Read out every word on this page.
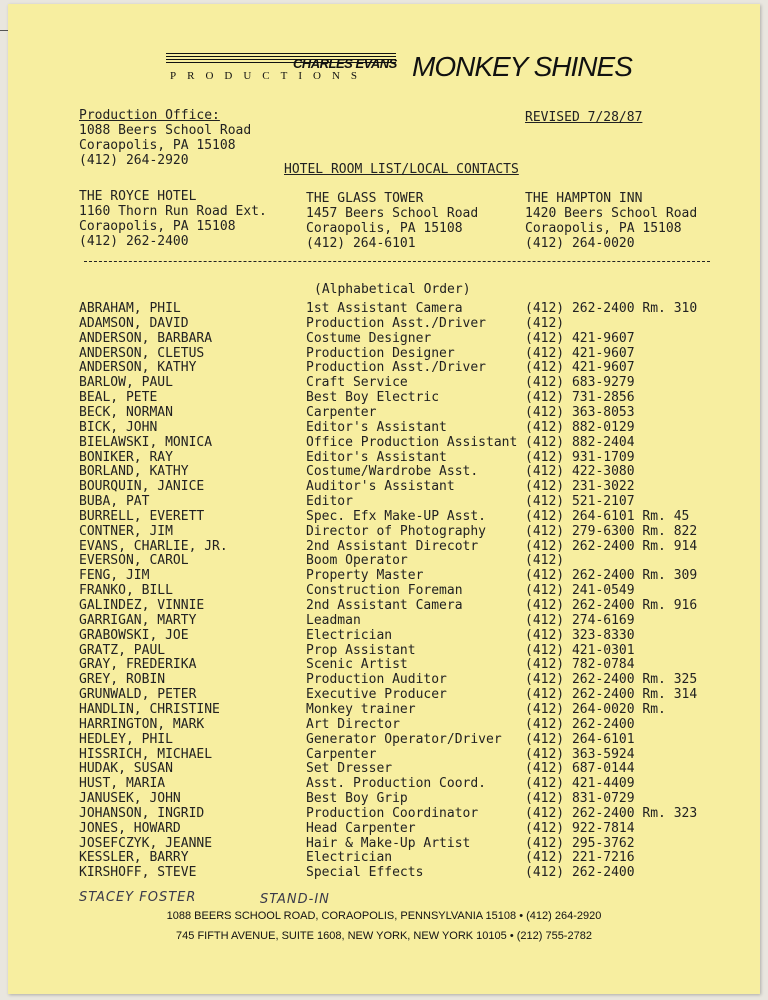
CHARLES EVANS
PRODUCTIONS MONKEY SHINES
Production Office:
1088 Beers School Road
Coraopolis, PA 15108
(412) 264-2920
REVISED 7/28/87
HOTEL ROOM LIST/LOCAL CONTACTS
THE ROYCE HOTEL
1160 Thorn Run Road Ext.
Coraopolis, PA 15108
(412) 262-2400
THE GLASS TOWER
1457 Beers School Road
Coraopolis, PA 15108
(412) 264-6101
THE HAMPTON INN
1420 Beers School Road
Coraopolis, PA 15108
(412) 264-0020
(Alphabetical Order)
ABRAHAM, PHIL	1st Assistant Camera	(412) 262-2400 Rm. 310
ADAMSON, DAVID	Production Asst./Driver	(412)
ANDERSON, BARBARA	Costume Designer	(412) 421-9607
ANDERSON, CLETUS	Production Designer	(412) 421-9607
ANDERSON, KATHY	Production Asst./Driver	(412) 421-9607
BARLOW, PAUL	Craft Service	(412) 683-9279
BEAL, PETE	Best Boy Electric	(412) 731-2856
BECK, NORMAN	Carpenter	(412) 363-8053
BICK, JOHN	Editor's Assistant	(412) 882-0129
BIELAWSKI, MONICA	Office Production Assistant (412) 882-2404
BONIKER, RAY	Editor's Assistant	(412) 931-1709
BORLAND, KATHY	Costume/Wardrobe Asst.	(412) 422-3080
BOURQUIN, JANICE	Auditor's Assistant	(412) 231-3022
BUBA, PAT	Editor	(412) 521-2107
BURRELL, EVERETT	Spec. Efx Make-UP Asst.	(412) 264-6101 Rm. 45
CONTNER, JIM	Director of Photography	(412) 279-6300 Rm. 822
EVANS, CHARLIE, JR.	2nd Assistant Direcotr	(412) 262-2400 Rm. 914
EVERSON, CAROL	Boom Operator	(412)
FENG, JIM	Property Master	(412) 262-2400 Rm. 309
FRANKO, BILL	Construction Foreman	(412) 241-0549
GALINDEZ, VINNIE	2nd Assistant Camera	(412) 262-2400 Rm. 916
GARRIGAN, MARTY	Leadman	(412) 274-6169
GRABOWSKI, JOE	Electrician	(412) 323-8330
GRATZ, PAUL	Prop Assistant	(412) 421-0301
GRAY, FREDERIKA	Scenic Artist	(412) 782-0784
GREY, ROBIN	Production Auditor	(412) 262-2400 Rm. 325
GRUNWALD, PETER	Executive Producer	(412) 262-2400 Rm. 314
HANDLIN, CHRISTINE	Monkey trainer	(412) 264-0020 Rm.
HARRINGTON, MARK	Art Director	(412) 262-2400
HEDLEY, PHIL	Generator Operator/Driver (412) 264-6101
HISSRICH, MICHAEL	Carpenter	(412) 363-5924
HUDAK, SUSAN	Set Dresser	(412) 687-0144
HUST, MARIA	Asst. Production Coord.	(412) 421-4409
JANUSEK, JOHN	Best Boy Grip	(412) 831-0729
JOHANSON, INGRID	Production Coordinator	(412) 262-2400 Rm. 323
JONES, HOWARD	Head Carpenter	(412) 922-7814
JOSEFCZYK, JEANNE	Hair & Make-Up Artist	(412) 295-3762
KESSLER, BARRY	Electrician	(412) 221-7216
KIRSHOFF, STEVE	Special Effects	(412) 262-2400
STACEY FOSTER	STAND-IN
1088 BEERS SCHOOL ROAD, CORAOPOLIS, PENNSYLVANIA 15108 • (412) 264-2920
745 FIFTH AVENUE, SUITE 1608, NEW YORK, NEW YORK 10105 • (212) 755-2782
